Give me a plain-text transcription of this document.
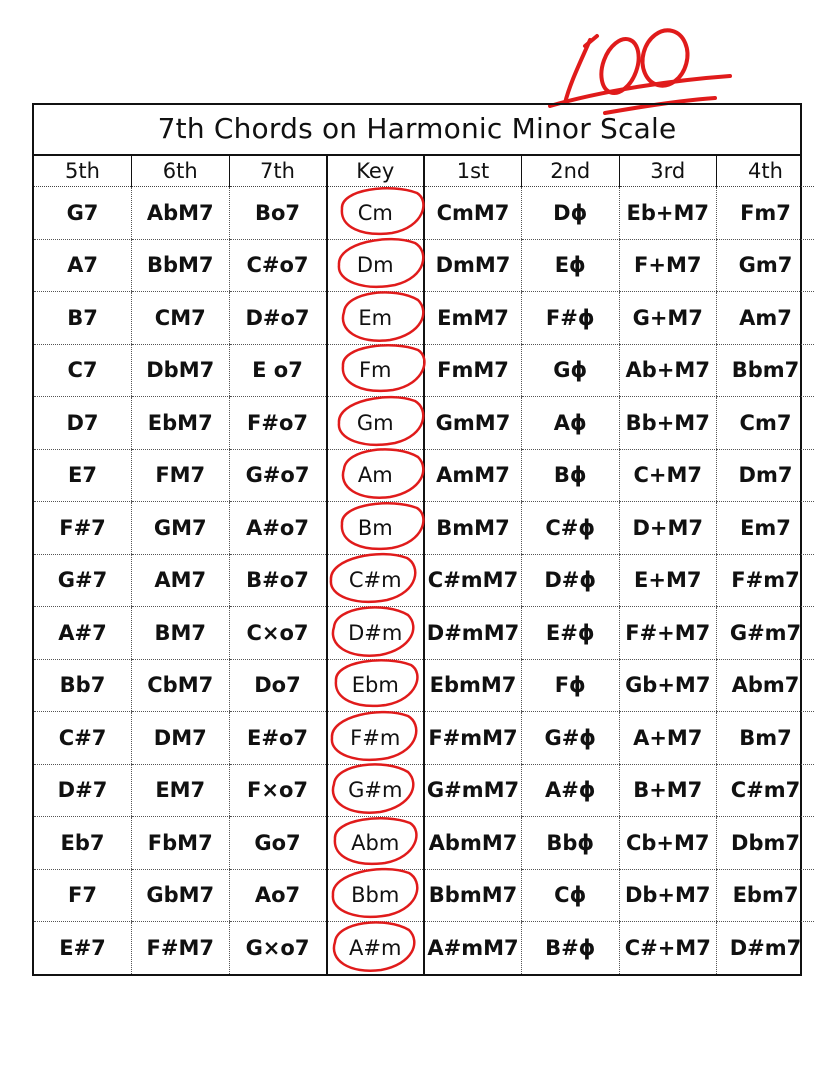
7th Chords on Harmonic Minor Scale
5th	6th	7th	Key	1st	2nd	3rd	4th
G7	AbM7	Bo7	Cm	CmM7	Dϕ	Eb+M7	Fm7
A7	BbM7	C#o7	Dm	DmM7	Eϕ	F+M7	Gm7
B7	CM7	D#o7	Em	EmM7	F#ϕ	G+M7	Am7
C7	DbM7	E o7	Fm	FmM7	Gϕ	Ab+M7	Bbm7
D7	EbM7	F#o7	Gm	GmM7	Aϕ	Bb+M7	Cm7
E7	FM7	G#o7	Am	AmM7	Bϕ	C+M7	Dm7
F#7	GM7	A#o7	Bm	BmM7	C#ϕ	D+M7	Em7
G#7	AM7	B#o7	C#m	C#mM7	D#ϕ	E+M7	F#m7
A#7	BM7	C×o7	D#m	D#mM7	E#ϕ	F#+M7	G#m7
Bb7	CbM7	Do7	Ebm	EbmM7	Fϕ	Gb+M7	Abm7
C#7	DM7	E#o7	F#m	F#mM7	G#ϕ	A+M7	Bm7
D#7	EM7	F×o7	G#m	G#mM7	A#ϕ	B+M7	C#m7
Eb7	FbM7	Go7	Abm	AbmM7	Bbϕ	Cb+M7	Dbm7
F7	GbM7	Ao7	Bbm	BbmM7	Cϕ	Db+M7	Ebm7
E#7	F#M7	G×o7	A#m	A#mM7	B#ϕ	C#+M7	D#m7
